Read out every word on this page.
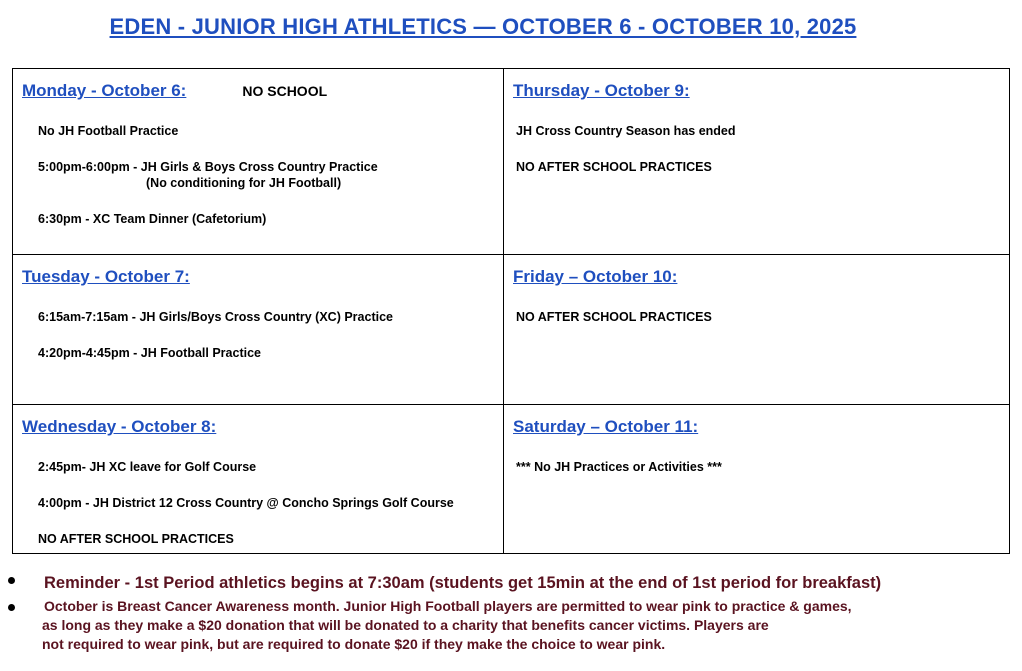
EDEN - JUNIOR HIGH ATHLETICS — OCTOBER 6 - OCTOBER 10, 2025
Monday - October 6:	NO SCHOOL
No JH Football Practice
5:00pm-6:00pm - JH Girls & Boys Cross Country Practice
(No conditioning for JH Football)
6:30pm - XC Team Dinner (Cafetorium)
Thursday - October 9:
JH Cross Country Season has ended
NO AFTER SCHOOL PRACTICES
Tuesday - October 7:
6:15am-7:15am - JH Girls/Boys Cross Country (XC) Practice
4:20pm-4:45pm - JH Football Practice
Friday – October 10:
NO AFTER SCHOOL PRACTICES
Wednesday - October 8:
2:45pm- JH XC leave for Golf Course
4:00pm - JH District 12 Cross Country @ Concho Springs Golf Course
NO AFTER SCHOOL PRACTICES
Saturday – October 11:
*** No JH Practices or Activities ***
Reminder - 1st Period athletics begins at 7:30am (students get 15min at the end of 1st period for breakfast)
October is Breast Cancer Awareness month. Junior High Football players are permitted to wear pink to practice & games,
as long as they make a $20 donation that will be donated to a charity that benefits cancer victims. Players are
not required to wear pink, but are required to donate $20 if they make the choice to wear pink.
